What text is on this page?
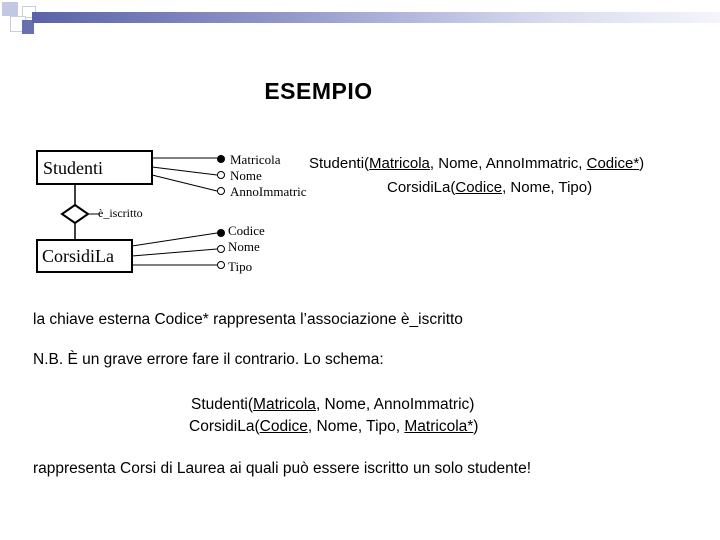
ESEMPIO
Studenti
CorsidiLa
è_iscritto
Matricola
Nome
AnnoImmatric
Codice
Nome
Tipo
Studenti(Matricola, Nome, AnnoImmatric, Codice*)
CorsidiLa(Codice, Nome, Tipo)
la chiave esterna Codice* rappresenta l’associazione è_iscritto
N.B. È un grave errore fare il contrario. Lo schema:
Studenti(Matricola, Nome, AnnoImmatric)
CorsidiLa(Codice, Nome, Tipo, Matricola*)
rappresenta Corsi di Laurea ai quali può essere iscritto un solo studente!
